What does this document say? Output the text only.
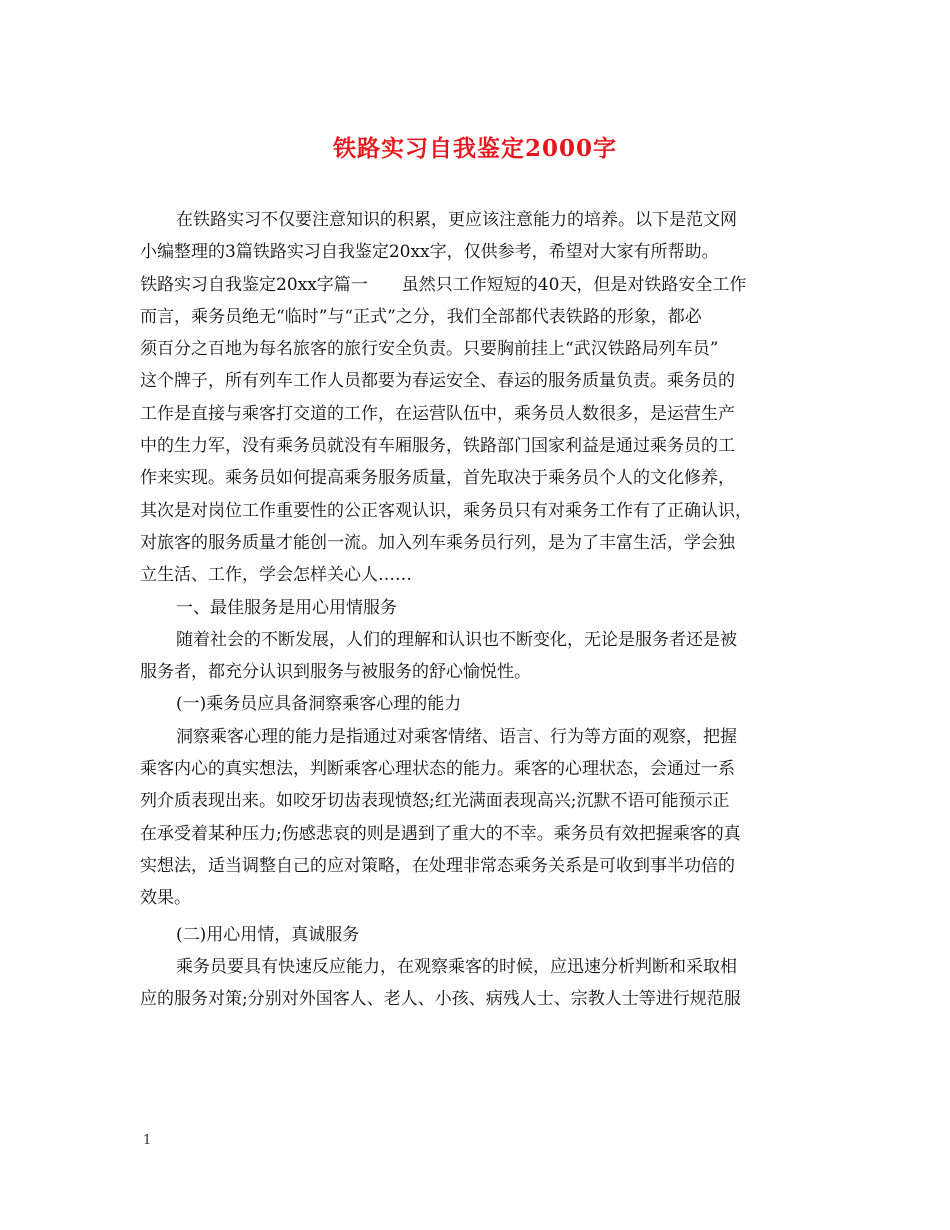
铁路实习自我鉴定2000字
在铁路实习不仅要注意知识的积累，更应该注意能力的培养。以下是范文网
小编整理的3篇铁路实习自我鉴定20xx字，仅供参考，希望对大家有所帮助。
铁路实习自我鉴定20xx字篇一　　虽然只工作短短的40天，但是对铁路安全工作
而言，乘务员绝无“临时”与“正式”之分，我们全部都代表铁路的形象，都必
须百分之百地为每名旅客的旅行安全负责。只要胸前挂上“武汉铁路局列车员”
这个牌子，所有列车工作人员都要为春运安全、春运的服务质量负责。乘务员的
工作是直接与乘客打交道的工作，在运营队伍中，乘务员人数很多，是运营生产
中的生力军，没有乘务员就没有车厢服务，铁路部门国家利益是通过乘务员的工
作来实现。乘务员如何提高乘务服务质量，首先取决于乘务员个人的文化修养，
其次是对岗位工作重要性的公正客观认识，乘务员只有对乘务工作有了正确认识，
对旅客的服务质量才能创一流。加入列车乘务员行列，是为了丰富生活，学会独
立生活、工作，学会怎样关心人……
一、最佳服务是用心用情服务
随着社会的不断发展，人们的理解和认识也不断变化，无论是服务者还是被
服务者，都充分认识到服务与被服务的舒心愉悦性。
(一)乘务员应具备洞察乘客心理的能力
洞察乘客心理的能力是指通过对乘客情绪、语言、行为等方面的观察，把握
乘客内心的真实想法，判断乘客心理状态的能力。乘客的心理状态，会通过一系
列介质表现出来。如咬牙切齿表现愤怒;红光满面表现高兴;沉默不语可能预示正
在承受着某种压力;伤感悲哀的则是遇到了重大的不幸。乘务员有效把握乘客的真
实想法，适当调整自己的应对策略，在处理非常态乘务关系是可收到事半功倍的
效果。
(二)用心用情，真诚服务
乘务员要具有快速反应能力，在观察乘客的时候，应迅速分析判断和采取相
应的服务对策;分别对外国客人、老人、小孩、病残人士、宗教人士等进行规范服
1
